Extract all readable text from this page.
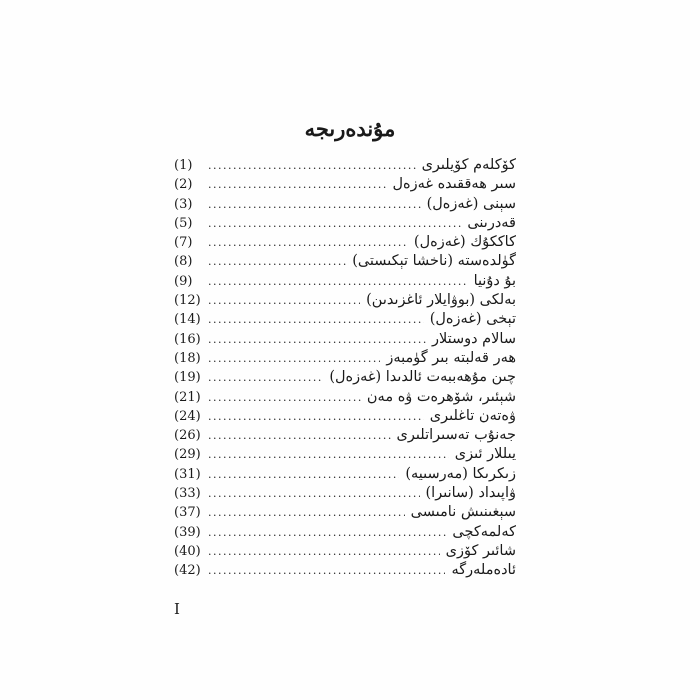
مۇندەرىجە
كۆكلەم كۆيلىرى
.....
(1)
سىر ھەققىدە غەزەل
.....
(2)
سېنى (غەزەل)
.....
(3)
قەدرىنى
.....
(5)
كاككۇك (غەزەل)
.....
(7)
گۈلدەستە (ناخشا تېكىستى)
.....
(8)
بۇ دۇنيا
.....
(9)
بەلكى (بوۋايلار ئاغزىدىن)
.....
(12)
تېخى (غەزەل)
.....
(14)
سالام دوستلار
.....
(16)
ھەر قەلبتە بىر گۈمبەز
.....
(18)
چىن مۇھەببەت ئالدىدا (غەزەل)
.....
(19)
شېئىر، شۆھرەت ۋە مەن
.....
(21)
ۋەتەن تاغلىرى
.....
(24)
جەنۇب تەسىراتلىرى
.....
(26)
يىللار ئىزى
.....
(29)
زىكرىكا (مەرسىيە)
.....
(31)
ۋاپىداد (سانىرا)
.....
(33)
سېغىنىش نامىسى
.....
(37)
كەلمەكچى
.....
(39)
شائىر كۆزى
.....
(40)
ئادەملەرگە
.....
(42)
I
